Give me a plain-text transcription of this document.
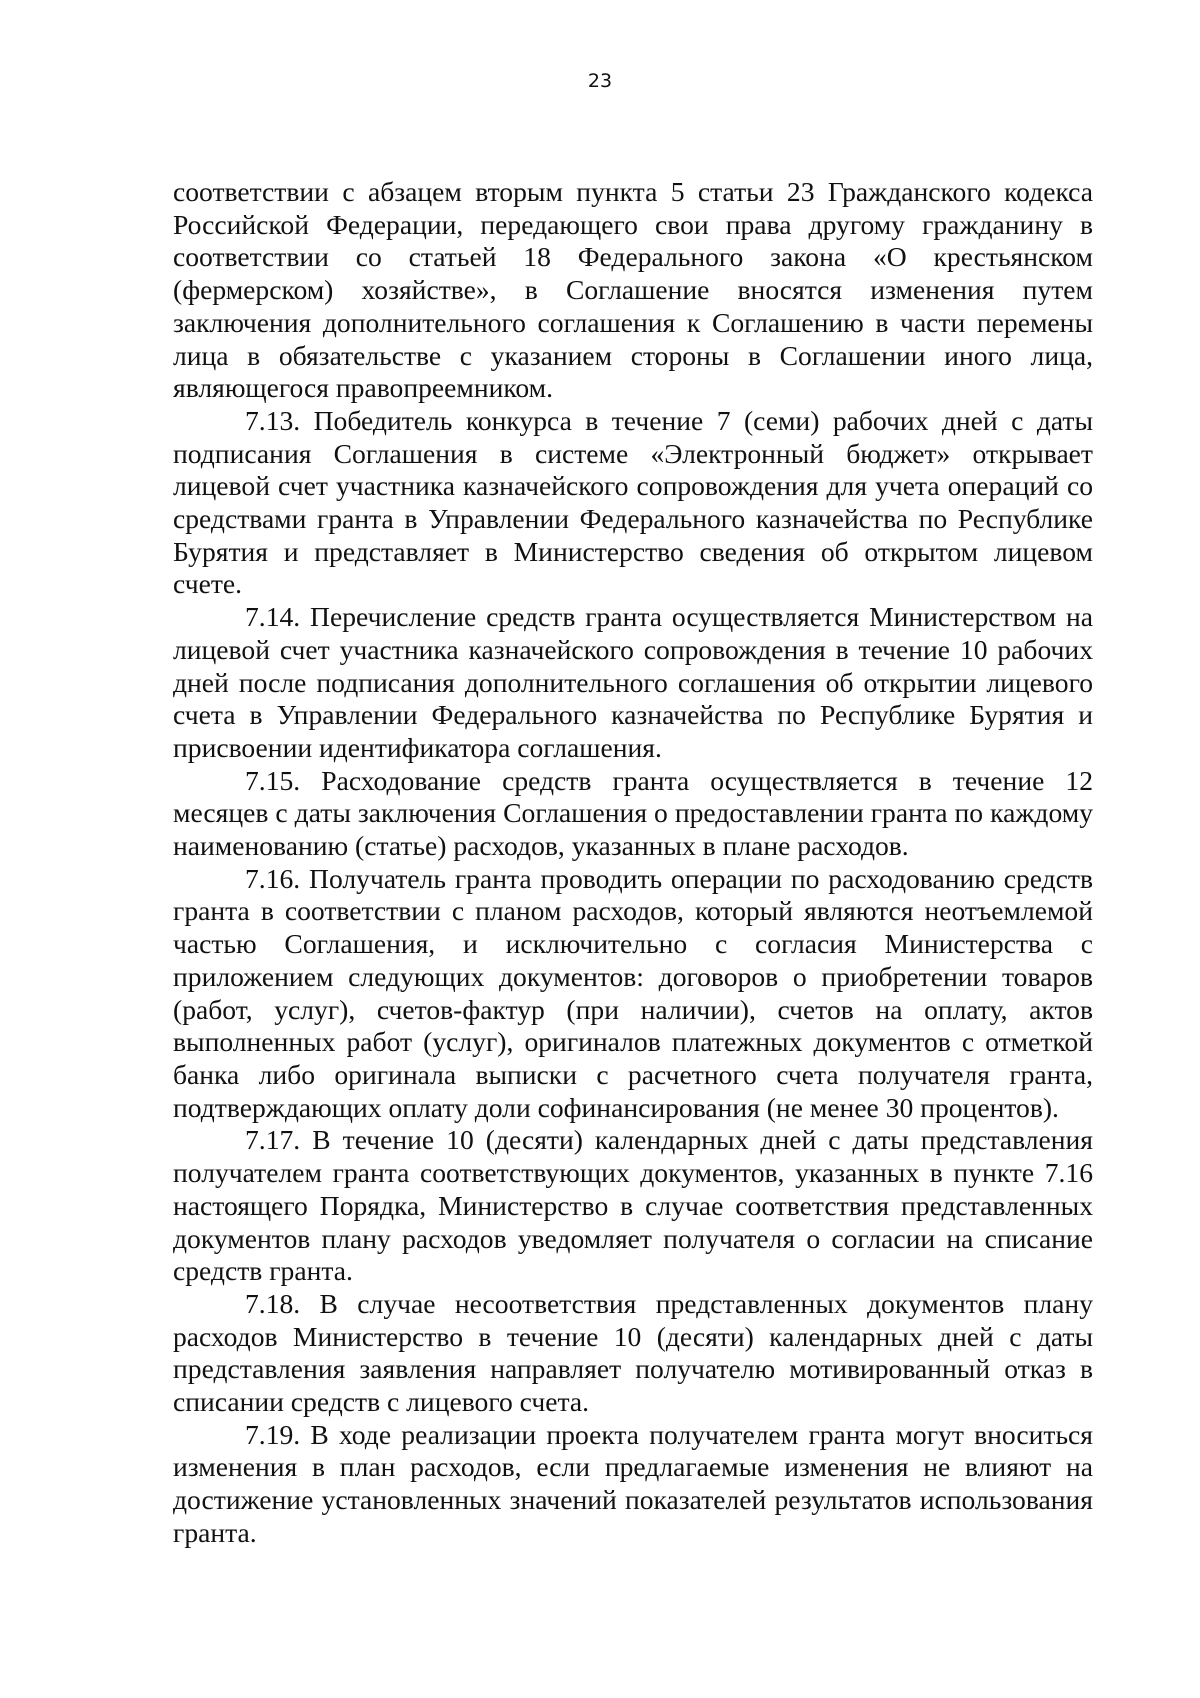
23

соответствии с абзацем вторым пункта 5 статьи 23 Гражданского кодекса Российской Федерации, передающего свои права другому гражданину в соответствии со статьей 18 Федерального закона «О крестьянском (фермерском) хозяйстве», в Соглашение вносятся изменения путем заключения дополнительного соглашения к Соглашению в части перемены лица в обязательстве с указанием стороны в Соглашении иного лица, являющегося правопреемником.

7.13. Победитель конкурса в течение 7 (семи) рабочих дней с даты подписания Соглашения в системе «Электронный бюджет» открывает лицевой счет участника казначейского сопровождения для учета операций со средствами гранта в Управлении Федерального казначейства по Республике Бурятия и представляет в Министерство сведения об открытом лицевом счете.

7.14. Перечисление средств гранта осуществляется Министерством на лицевой счет участника казначейского сопровождения в течение 10 рабочих дней после подписания дополнительного соглашения об открытии лицевого счета в Управлении Федерального казначейства по Республике Бурятия и присвоении идентификатора соглашения.

7.15. Расходование средств гранта осуществляется в течение 12 месяцев с даты заключения Соглашения о предоставлении гранта по каждому наименованию (статье) расходов, указанных в плане расходов.

7.16. Получатель гранта проводить операции по расходованию средств гранта в соответствии с планом расходов, который являются неотъемлемой частью Соглашения, и исключительно с согласия Министерства с приложением следующих документов: договоров о приобретении товаров (работ, услуг), счетов-фактур (при наличии), счетов на оплату, актов выполненных работ (услуг), оригиналов платежных документов с отметкой банка либо оригинала выписки с расчетного счета получателя гранта, подтверждающих оплату доли софинансирования (не менее 30 процентов).

7.17. В течение 10 (десяти) календарных дней с даты представления получателем гранта соответствующих документов, указанных в пункте 7.16 настоящего Порядка, Министерство в случае соответствия представленных документов плану расходов уведомляет получателя о согласии на списание средств гранта.

7.18. В случае несоответствия представленных документов плану расходов Министерство в течение 10 (десяти) календарных дней с даты представления заявления направляет получателю мотивированный отказ в списании средств с лицевого счета.

7.19. В ходе реализации проекта получателем гранта могут вноситься изменения в план расходов, если предлагаемые изменения не влияют на достижение установленных значений показателей результатов использования гранта.
